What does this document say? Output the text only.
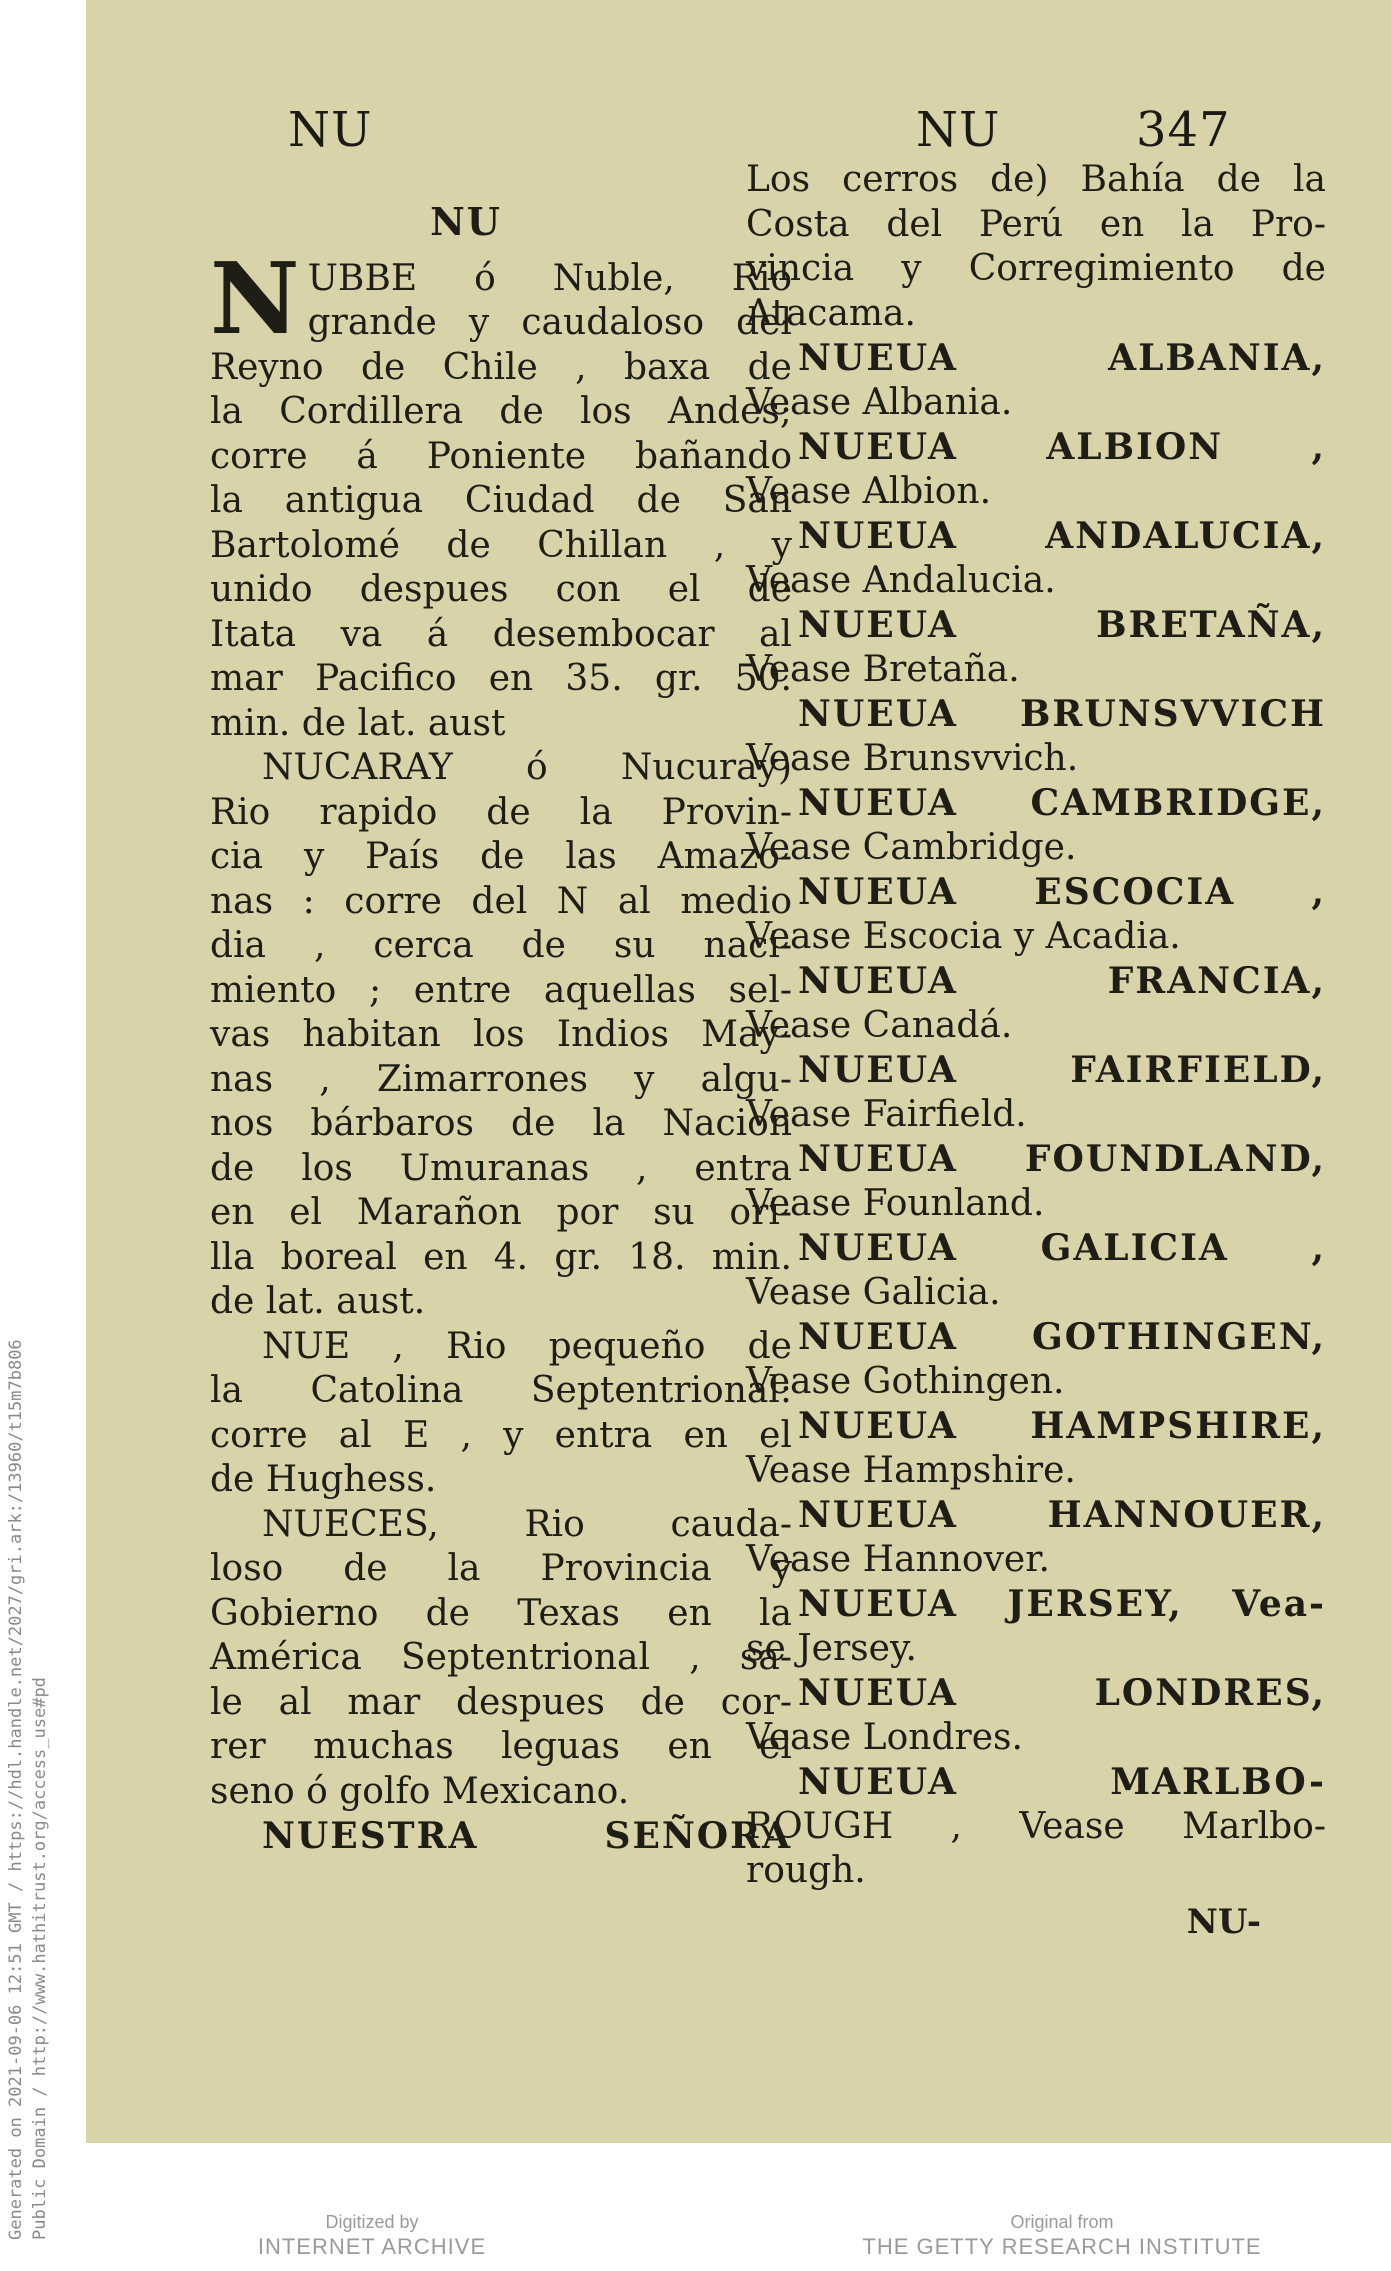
Generated on 2021-09-06 12:51 GMT / https://hdl.handle.net/2027/gri.ark:/13960/t15m7b806 Public Domain / http://www.hathitrust.org/access_use#pd
NU	NU	347

NU

N UBBE ó Nuble, Rio

grande y caudaloso del

Reyno de Chile , baxa de

la Cordillera de los Andes;

corre á Poniente bañando

la antigua Ciudad de San

Bartolomé de Chillan , y

unido despues con el de

Itata va á desembocar al

mar Pacifico en 35. gr. 50.

min. de lat. aust

NUCARAY ó Nucuray)

Rio rapido de la Provin-

cia y País de las Amazo-

nas : corre del N al medio

dia , cerca de su naci-

miento ; entre aquellas sel-

vas habitan los Indios May-

nas , Zimarrones y algu-

nos bárbaros de la Nacion

de los Umuranas , entra

en el Marañon por su ori-

lla boreal en 4. gr. 18. min.

de lat. aust.

NUE , Rio pequeño de

la Catolina Septentrional:

corre al E , y entra en el

de Hughess.

NUECES, Rio cauda-

loso de la Provincia y

Gobierno de Texas en la

América Septentrional , sa-

le al mar despues de cor-

rer muchas leguas en el

seno ó golfo Mexicano.

NUESTRA SEÑORA

Los cerros de) Bahía de la

Costa del Perú en la Pro-

vincia y Corregimiento de

Atacama.

NUEUA ALBANIA,

Vease Albania.

NUEUA ALBION ,

Vease Albion.

NUEUA ANDALUCIA,

Vease Andalucia.

NUEUA BRETAÑA,

Vease Bretaña.

NUEUA BRUNSVVICH

Vease Brunsvvich.

NUEUA CAMBRIDGE,

Vease Cambridge.

NUEUA ESCOCIA ,

Vease Escocia y Acadia.

NUEUA FRANCIA,

Vease Canadá.

NUEUA FAIRFIELD,

Vease Fairfield.

NUEUA FOUNDLAND,

Vease Founland.

NUEUA GALICIA ,

Vease Galicia.

NUEUA GOTHINGEN,

Vease Gothingen.

NUEUA HAMPSHIRE,

Vease Hampshire.

NUEUA HANNOUER,

Vease Hannover.

NUEUA JERSEY, Vea-

se Jersey.

NUEUA LONDRES,

Vease Londres.

NUEUA MARLBO-

ROUGH , Vease Marlbo-

rough.

NU-
Digitized by
INTERNET ARCHIVE
Original from
THE GETTY RESEARCH INSTITUTE
